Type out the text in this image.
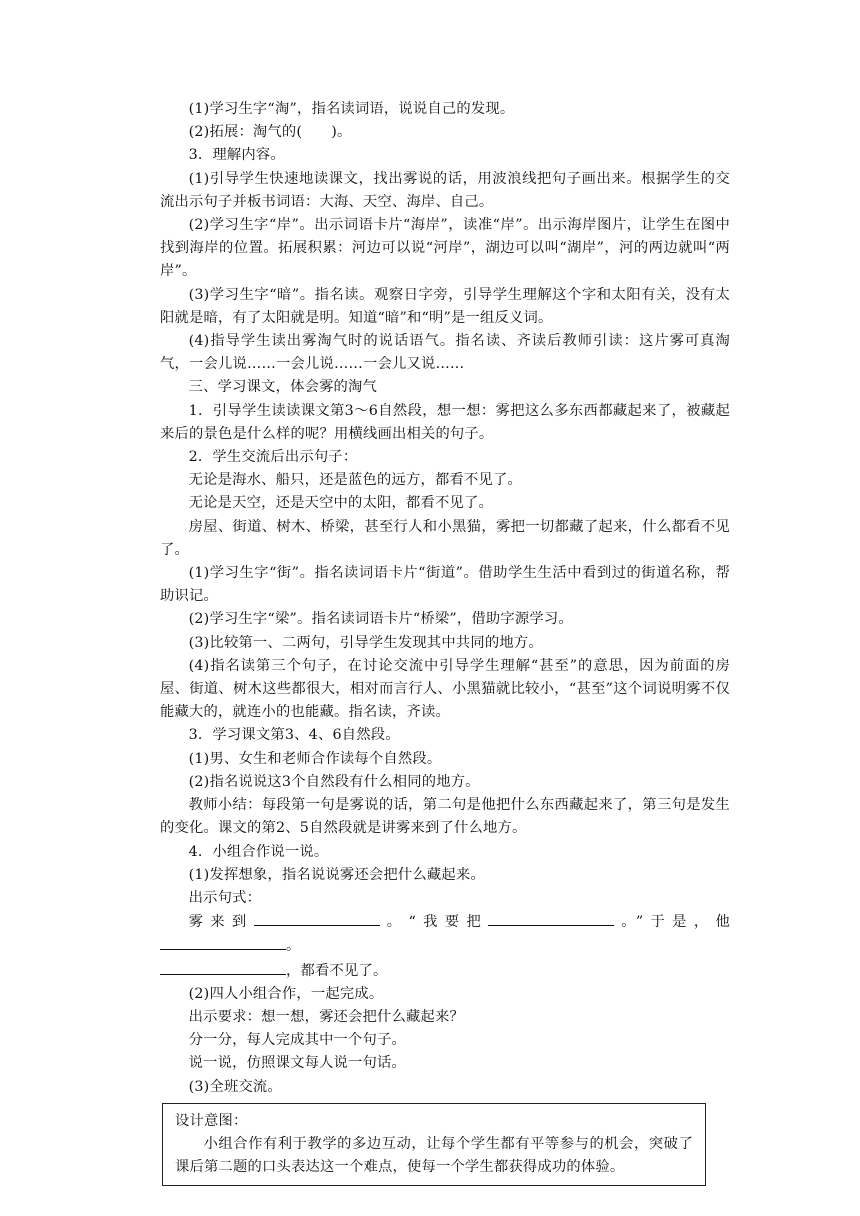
(1)学习生字“淘”，指名读词语，说说自己的发现。

(2)拓展：淘气的(　　)。

3．理解内容。

(1)引导学生快速地读课文，找出雾说的话，用波浪线把句子画出来。根据学生的交流出示句子并板书词语：大海、天空、海岸、自己。

(2)学习生字“岸”。出示词语卡片“海岸”，读准“岸”。出示海岸图片，让学生在图中找到海岸的位置。拓展积累：河边可以说“河岸”，湖边可以叫“湖岸”，河的两边就叫“两岸”。

(3)学习生字“暗”。指名读。观察日字旁，引导学生理解这个字和太阳有关，没有太阳就是暗，有了太阳就是明。知道“暗”和“明”是一组反义词。

(4)指导学生读出雾淘气时的说话语气。指名读、齐读后教师引读：这片雾可真淘气，一会儿说……一会儿说……一会儿又说……

三、学习课文，体会雾的淘气

1．引导学生读读课文第3～6自然段，想一想：雾把这么多东西都藏起来了，被藏起来后的景色是什么样的呢？用横线画出相关的句子。

2．学生交流后出示句子：

无论是海水、船只，还是蓝色的远方，都看不见了。

无论是天空，还是天空中的太阳，都看不见了。

房屋、街道、树木、桥梁，甚至行人和小黑猫，雾把一切都藏了起来，什么都看不见了。

(1)学习生字“街”。指名读词语卡片“街道”。借助学生生活中看到过的街道名称，帮助识记。

(2)学习生字“梁”。指名读词语卡片“桥梁”，借助字源学习。

(3)比较第一、二两句，引导学生发现其中共同的地方。

(4)指名读第三个句子，在讨论交流中引导学生理解“甚至”的意思，因为前面的房屋、街道、树木这些都很大，相对而言行人、小黑猫就比较小，“甚至”这个词说明雾不仅能藏大的，就连小的也能藏。指名读，齐读。

3．学习课文第3、4、6自然段。

(1)男、女生和老师合作读每个自然段。

(2)指名说说这3个自然段有什么相同的地方。

教师小结：每段第一句是雾说的话，第二句是他把什么东西藏起来了，第三句是发生的变化。课文的第2、5自然段就是讲雾来到了什么地方。

4．小组合作说一说。

(1)发挥想象，指名说说雾还会把什么藏起来。

出示句式：

雾来到	。“我要把	。”于是，他。

，都看不见了。

(2)四人小组合作，一起完成。

出示要求：想一想，雾还会把什么藏起来？

分一分，每人完成其中一个句子。

说一说，仿照课文每人说一句话。

(3)全班交流。

设计意图：

小组合作有利于教学的多边互动，让每个学生都有平等参与的机会，突破了课后第二题的口头表达这一个难点，使每一个学生都获得成功的体验。
